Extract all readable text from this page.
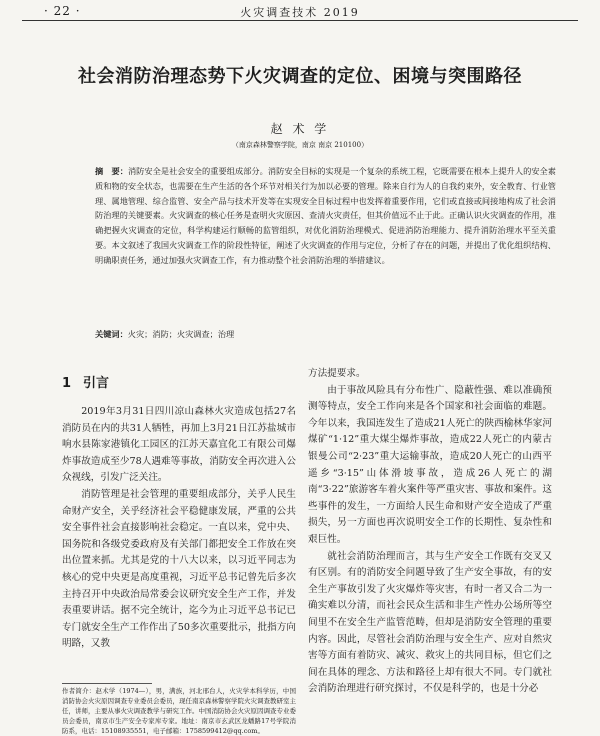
· 22 ·	火灾调查技术 2019
社会消防治理态势下火灾调查的定位、困境与突围路径
赵 术 学
（南京森林警察学院，南京 南京 210100）
摘　要：消防安全是社会安全的重要组成部分。消防安全目标的实现是一个复杂的系统工程，它既需要在根本上提升人的安全素质和物的安全状态，也需要在生产生活的各个环节对相关行为加以必要的管理。除来自行为人的自我约束外，安全教育、行业管理、属地管理、综合监管、安全产品与技术开发等在实现安全目标过程中也发挥着重要作用，它们或直接或间接地构成了社会消防治理的关键要素。火灾调查的核心任务是查明火灾原因、查清火灾责任，但其价值远不止于此。正确认识火灾调查的作用，准确把握火灾调查的定位，科学构建运行顺畅的监管组织，对优化消防治理模式、促进消防治理能力、提升消防治理水平至关重要。本文叙述了我国火灾调查工作的阶段性特征，阐述了火灾调查的作用与定位，分析了存在的问题，并提出了优化组织结构、明确职责任务，通过加强火灾调查工作，有力推动整个社会消防治理的举措建议。
关键词：火灾；消防；火灾调查；治理
1 引言

2019年3月31日四川凉山森林火灾造成包括27名消防员在内的共31人牺牲，再加上3月21日江苏盐城市响水县陈家港镇化工园区的江苏天嘉宜化工有限公司爆炸事故造成至少78人遇难等事故，消防安全再次进入公众视线，引发广泛关注。

消防管理是社会管理的重要组成部分，关乎人民生命财产安全，关乎经济社会平稳健康发展，严重的公共安全事件社会直接影响社会稳定。一直以来，党中央、国务院和各级党委政府及有关部门都把安全工作放在突出位置来抓。尤其是党的十八大以来，以习近平同志为核心的党中央更是高度重视，习近平总书记曾先后多次主持召开中央政治局常委会议研究安全生产工作，并发表重要讲话。据不完全统计，迄今为止习近平总书记已专门就安全生产工作作出了50多次重要批示，批指方向明路，又教

方法提要求。

由于事故风险具有分布性广、隐蔽性强、难以准确预测等特点，安全工作向来是各个国家和社会面临的难题。今年以来，我国连发生了造成21人死亡的陕西榆林华家河煤矿“1·12”重大煤尘爆炸事故，造成22人死亡的内蒙古银曼公司“2·23”重大运输事故，造成20人死亡的山西平遥乡“3·15”山体滑坡事故，造成26人死亡的湖南“3·22”旅游客车着火案件等严重灾害、事故和案件。这些事件的发生，一方面给人民生命和财产安全造成了严重损失，另一方面也再次说明安全工作的长期性、复杂性和艰巨性。

就社会消防治理而言，其与生产安全工作既有交叉又有区别。有的消防安全问题导致了生产安全事故，有的安全生产事故引发了火灾爆炸等灾害，有时一者又合二为一确实难以分清，而社会民众生活和非生产性办公场所等空间里不在安全生产监管范畴，但却是消防安全管理的重要内容。因此，尽管社会消防治理与安全生产、应对自然灾害等方面有着防灾、减灾、救灾上的共同目标，但它们之间在具体的理念、方法和路径上却有很大不同。专门就社会消防治理进行研究探讨，不仅是科学的，也是十分必

作者简介：赵术学（1974—），男，满族，河北邢台人，火灾学本科学历，中国消防协会火灾原因调查专业委员会委员，现任南京森林警察学院火灾调查教研室主任，讲师，主要从事火灾调查教学与研究工作。中国消防协会火灾原因调查专业委员会委员，南京市生产安全专家库专家。地址：南京市玄武区龙蟠路17号学院消防系，电话：15108935551，电子邮箱：1758599412@qq.com。
